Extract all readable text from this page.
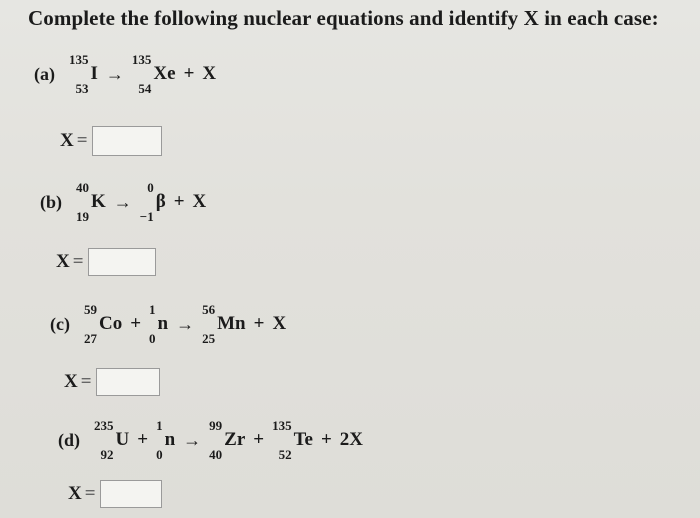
Complete the following nuclear equations and identify X in each case:
(a)
135
53
I →
135
54
Xe + X
X =
(b)
40
19
K →
0
−1
β + X
X =
(c)
59
27
Co +
1
0
n →
56
25
Mn + X
X =
(d)
235
92
U +
1
0
n →
99
40
Zr +
135
52
Te + 2X
X =
